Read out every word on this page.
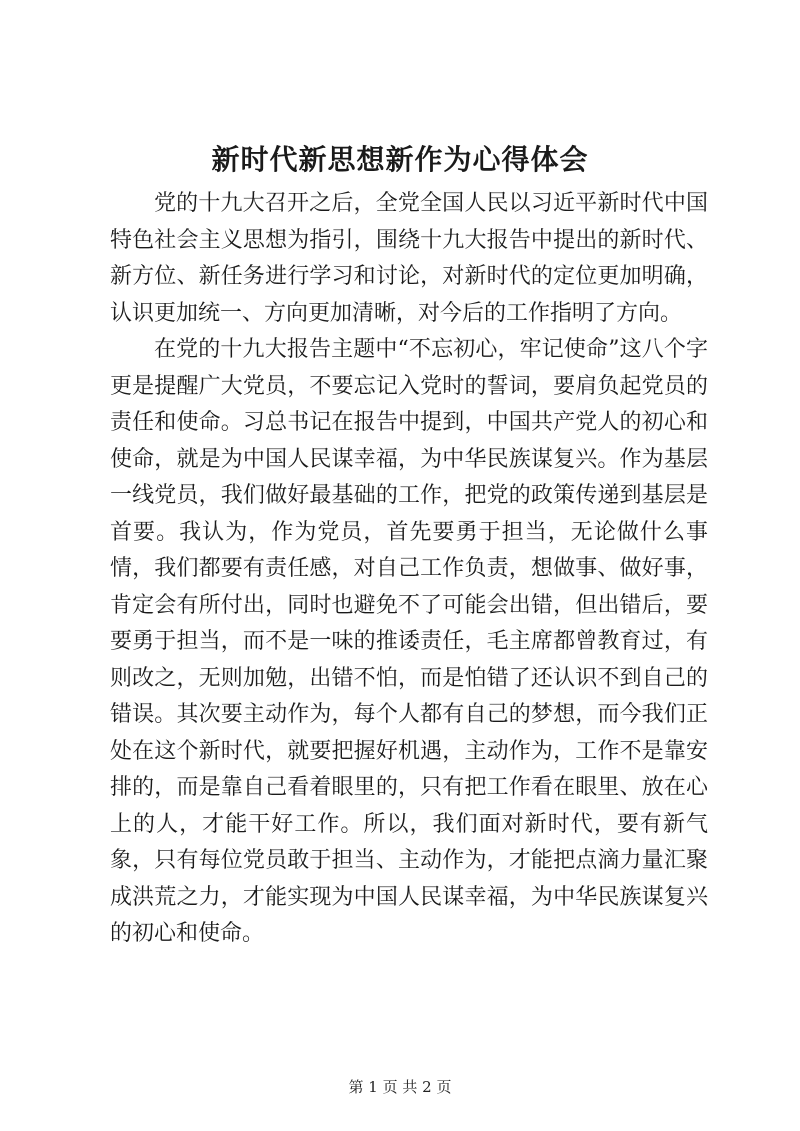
新时代新思想新作为心得体会

党的十九大召开之后，全党全国人民以习近平新时代中国特色社会主义思想为指引，围绕十九大报告中提出的新时代、新方位、新任务进行学习和讨论，对新时代的定位更加明确，认识更加统一、方向更加清晰，对今后的工作指明了方向。

在党的十九大报告主题中“不忘初心，牢记使命”这八个字更是提醒广大党员，不要忘记入党时的誓词，要肩负起党员的责任和使命。习总书记在报告中提到，中国共产党人的初心和使命，就是为中国人民谋幸福，为中华民族谋复兴。作为基层一线党员，我们做好最基础的工作，把党的政策传递到基层是首要。我认为，作为党员，首先要勇于担当，无论做什么事情，我们都要有责任感，对自己工作负责，想做事、做好事，肯定会有所付出，同时也避免不了可能会出错，但出错后，要要勇于担当，而不是一味的推诿责任，毛主席都曾教育过，有则改之，无则加勉，出错不怕，而是怕错了还认识不到自己的错误。其次要主动作为，每个人都有自己的梦想，而今我们正处在这个新时代，就要把握好机遇，主动作为，工作不是靠安排的，而是靠自己看着眼里的，只有把工作看在眼里、放在心上的人，才能干好工作。所以，我们面对新时代，要有新气象，只有每位党员敢于担当、主动作为，才能把点滴力量汇聚成洪荒之力，才能实现为中国人民谋幸福，为中华民族谋复兴的初心和使命。

第 1 页 共 2 页
